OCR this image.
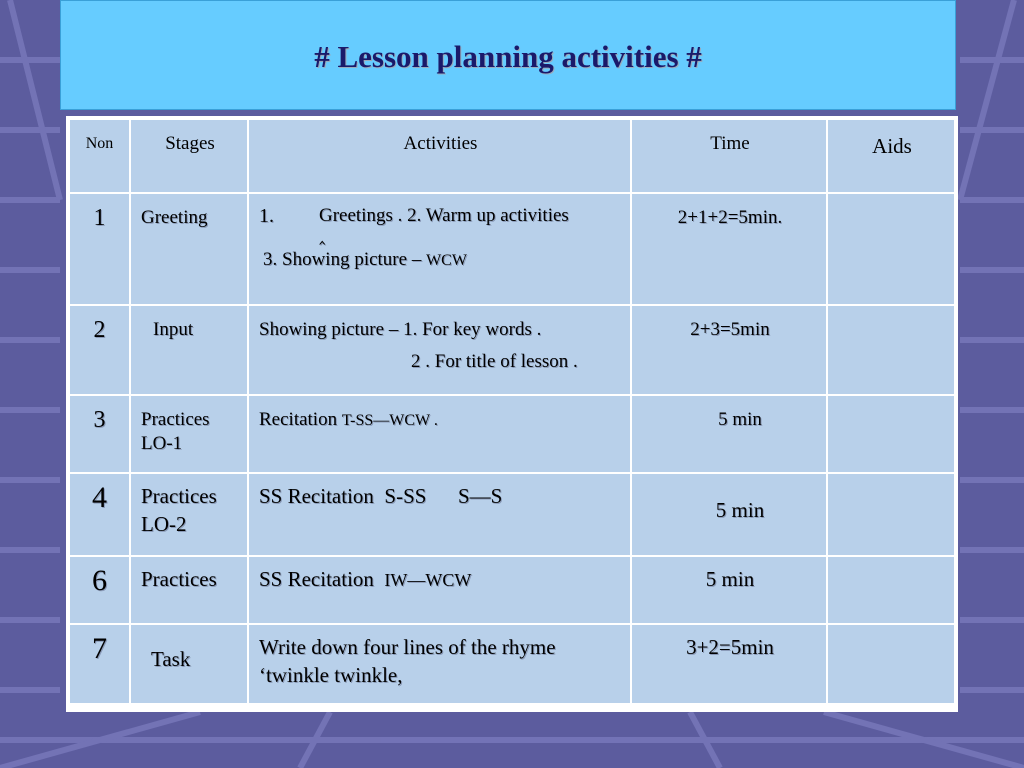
# Lesson planning activities #
Non	Stages	Activities	Time	Aids

1	Greeting	1. Greetings . 2. Warm up activities
‸
3. Showing picture – WCW	2+1+2=5min.	

2	Input	Showing picture – 1. For key words .
2 . For title of lesson .	2+3=5min	

3	Practices
LO-1	Recitation T-SS—WCW .	5 min	

4	Practices
LO-2	SS Recitation  S-SS      S—S	5 min	

6	Practices	SS Recitation  IW—WCW	5 min	

7	Task	Write down four lines of the rhyme
‘twinkle twinkle,	3+2=5min	
